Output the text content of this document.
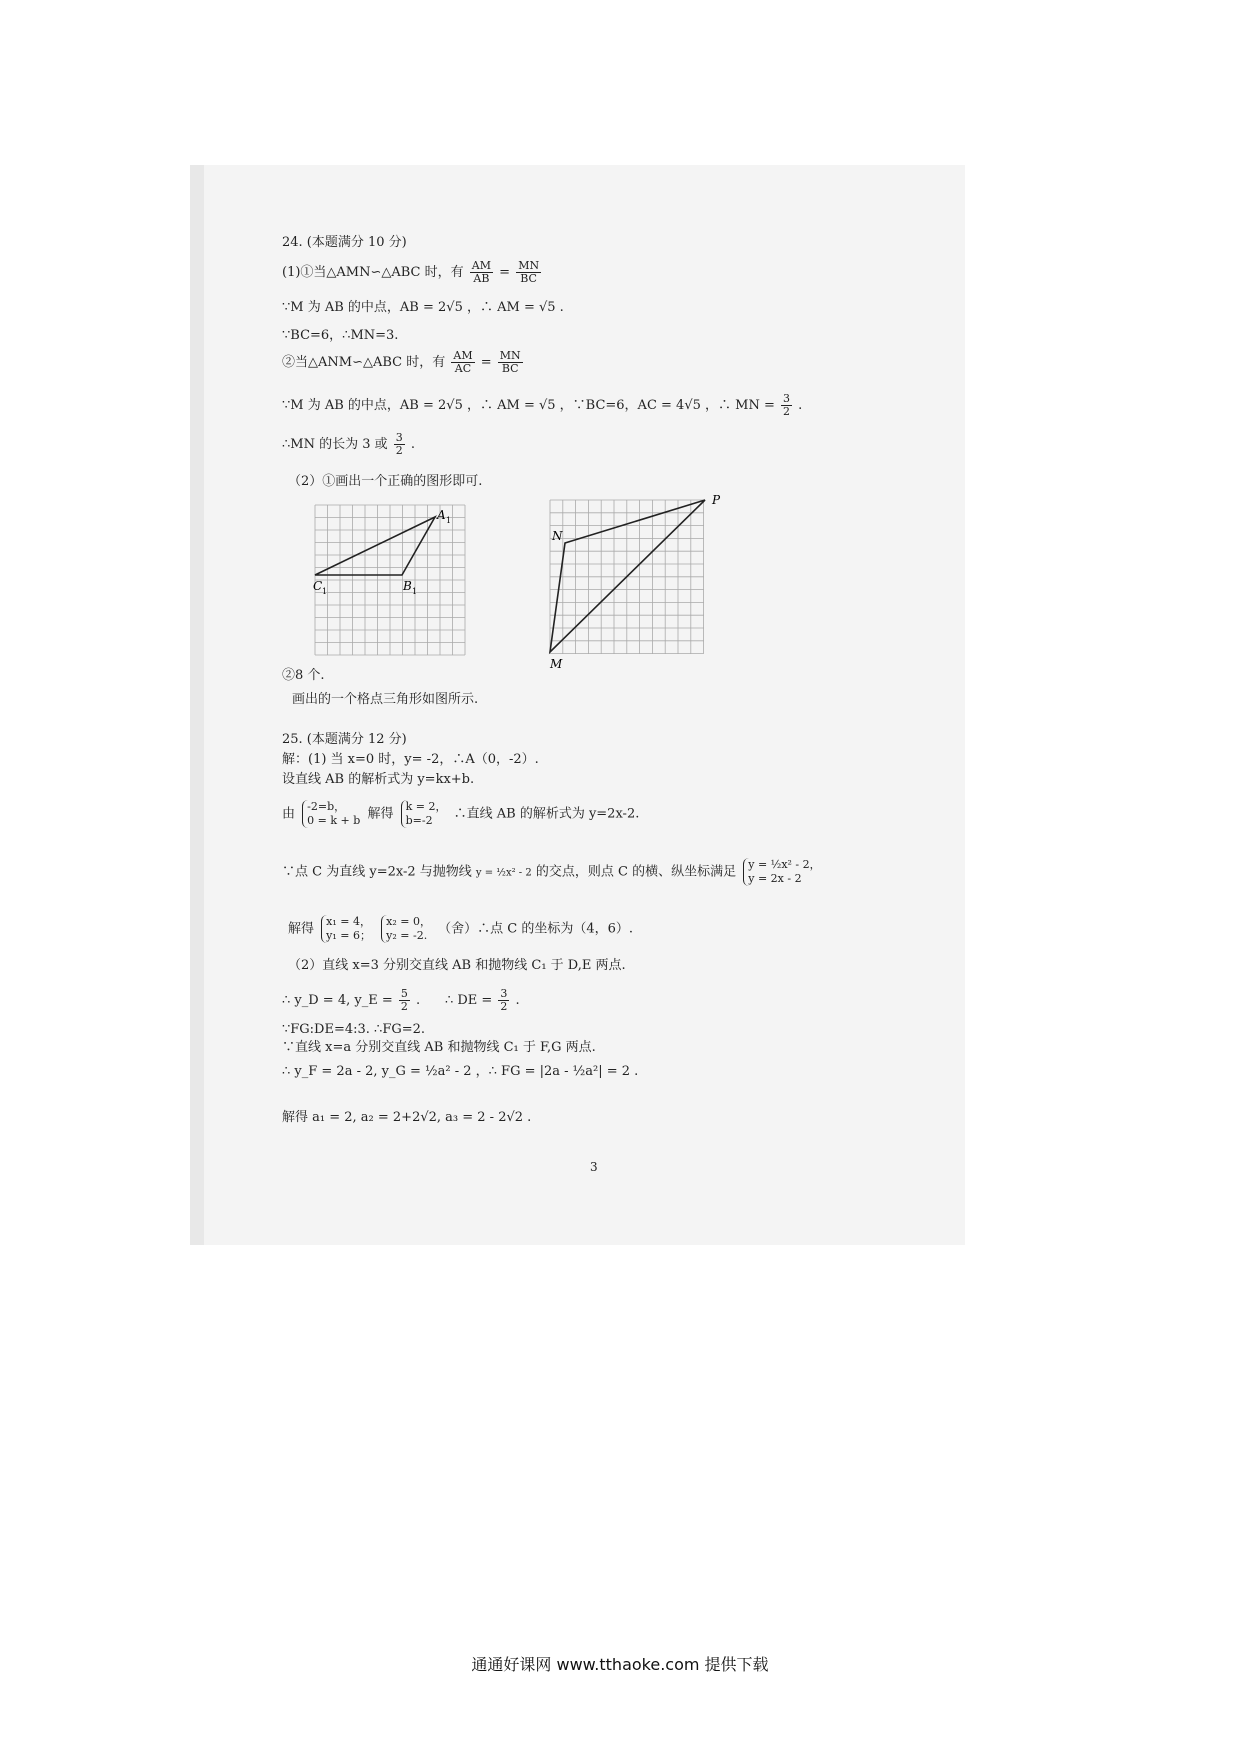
24. (本题满分 10 分)
(1)①当△AMN∽△ABC 时，有 $\frac{AM}{AB} = \frac{MN}{BC}$
∵M 为 AB 的中点，AB = 2√5 ，∴ AM = √5 .
∵BC=6，∴MN=3.
②当△ANM∽△ABC 时，有 $\frac{AM}{AC} = \frac{MN}{BC}$
∵M 为 AB 的中点，AB = 2√5 ，∴ AM = √5 ，∵BC=6，AC = 4√5 ，∴ MN = $\frac{3}{2}$ .
∴MN 的长为 3 或 $\frac{3}{2}$ .
（2）①画出一个正确的图形即可.
A 1
B 1
C 1
N
P
M
②8 个.
画出的一个格点三角形如图所示.
25. (本题满分 12 分)
解：(1) 当 x=0 时，y= -2，∴A（0，-2）.
设直线 AB 的解析式为 y=kx+b.
由 -2=b，
0 = k + b 解得 k = 2，
b=-2 ∴直线 AB 的解析式为 y=2x-2.
∵点 C 为直线 y=2x-2 与抛物线 y = ½x² - 2 的交点，则点 C 的横、纵坐标满足 y = ½x² - 2，
y = 2x - 2
解得 x₁ = 4，
y₁ = 6； x₂ = 0，
y₂ = -2. （舍）∴点 C 的坐标为（4，6）.
（2）直线 x=3 分别交直线 AB 和抛物线 C₁ 于 D,E 两点.
∴ y_D = 4, y_E = $\frac{5}{2}$ .      ∴ DE = $\frac{3}{2}$ .
∵FG:DE=4:3. ∴FG=2.
∵直线 x=a 分别交直线 AB 和抛物线 C₁ 于 F,G 两点.
∴ y_F = 2a - 2, y_G = ½a² - 2 ，∴ FG = |2a - ½a²| = 2 .
解得 a₁ = 2, a₂ = 2+2√2, a₃ = 2 - 2√2 .
3
通通好课网 www.tthaoke.com 提供下载
